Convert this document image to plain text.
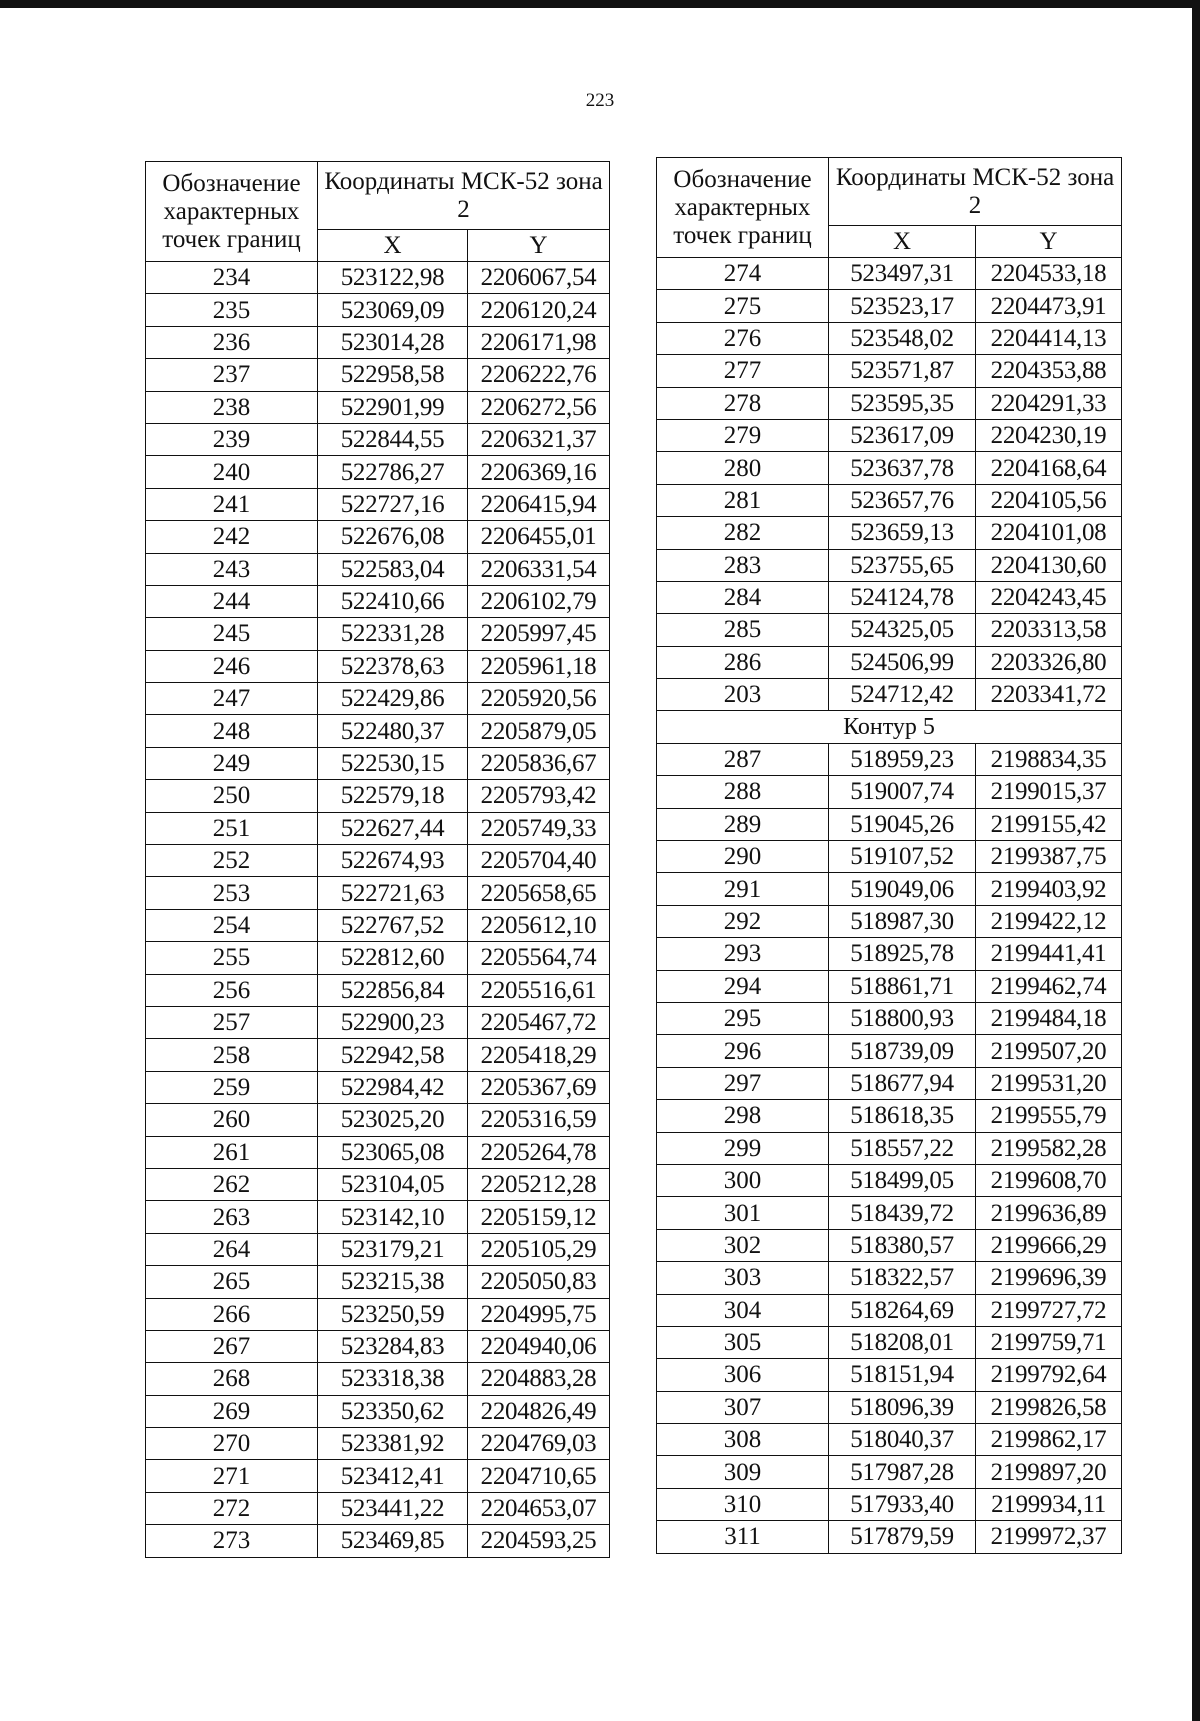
223
Обозначение характерных точек границ	Координаты МСК-52 зона 2	
	X	Y
234	523122,98	2206067,54
235	523069,09	2206120,24
236	523014,28	2206171,98
237	522958,58	2206222,76
238	522901,99	2206272,56
239	522844,55	2206321,37
240	522786,27	2206369,16
241	522727,16	2206415,94
242	522676,08	2206455,01
243	522583,04	2206331,54
244	522410,66	2206102,79
245	522331,28	2205997,45
246	522378,63	2205961,18
247	522429,86	2205920,56
248	522480,37	2205879,05
249	522530,15	2205836,67
250	522579,18	2205793,42
251	522627,44	2205749,33
252	522674,93	2205704,40
253	522721,63	2205658,65
254	522767,52	2205612,10
255	522812,60	2205564,74
256	522856,84	2205516,61
257	522900,23	2205467,72
258	522942,58	2205418,29
259	522984,42	2205367,69
260	523025,20	2205316,59
261	523065,08	2205264,78
262	523104,05	2205212,28
263	523142,10	2205159,12
264	523179,21	2205105,29
265	523215,38	2205050,83
266	523250,59	2204995,75
267	523284,83	2204940,06
268	523318,38	2204883,28
269	523350,62	2204826,49
270	523381,92	2204769,03
271	523412,41	2204710,65
272	523441,22	2204653,07
273	523469,85	2204593,25
Обозначение характерных точек границ	Координаты МСК-52 зона 2	
	X	Y
274	523497,31	2204533,18
275	523523,17	2204473,91
276	523548,02	2204414,13
277	523571,87	2204353,88
278	523595,35	2204291,33
279	523617,09	2204230,19
280	523637,78	2204168,64
281	523657,76	2204105,56
282	523659,13	2204101,08
283	523755,65	2204130,60
284	524124,78	2204243,45
285	524325,05	2203313,58
286	524506,99	2203326,80
203	524712,42	2203341,72
Контур 5		
287	518959,23	2198834,35
288	519007,74	2199015,37
289	519045,26	2199155,42
290	519107,52	2199387,75
291	519049,06	2199403,92
292	518987,30	2199422,12
293	518925,78	2199441,41
294	518861,71	2199462,74
295	518800,93	2199484,18
296	518739,09	2199507,20
297	518677,94	2199531,20
298	518618,35	2199555,79
299	518557,22	2199582,28
300	518499,05	2199608,70
301	518439,72	2199636,89
302	518380,57	2199666,29
303	518322,57	2199696,39
304	518264,69	2199727,72
305	518208,01	2199759,71
306	518151,94	2199792,64
307	518096,39	2199826,58
308	518040,37	2199862,17
309	517987,28	2199897,20
310	517933,40	2199934,11
311	517879,59	2199972,37
